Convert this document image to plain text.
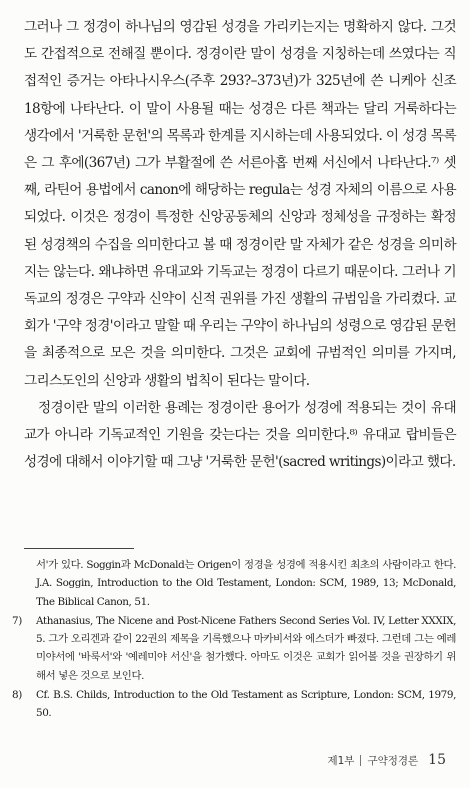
그러나 그 정경이 하나님의 영감된 성경을 가리키는지는 명확하지 않다. 그것도 간접적으로 전해질 뿐이다. 정경이란 말이 성경을 지칭하는데 쓰였다는 직접적인 증거는 아타나시우스(주후 293?–373년)가 325년에 쓴 니케아 신조 18항에 나타난다. 이 말이 사용될 때는 성경은 다른 책과는 달리 거룩하다는 생각에서 '거룩한 문헌'의 목록과 한계를 지시하는데 사용되었다. 이 성경 목록은 그 후에(367년) 그가 부활절에 쓴 서른아홉 번째 서신에서 나타난다.⁷⁾ 셋째, 라틴어 용법에서 canon에 해당하는 regula는 성경 자체의 이름으로 사용되었다. 이것은 정경이 특정한 신앙공동체의 신앙과 정체성을 규정하는 확정된 성경책의 수집을 의미한다고 볼 때 정경이란 말 자체가 같은 성경을 의미하지는 않는다. 왜냐하면 유대교와 기독교는 정경이 다르기 때문이다. 그러나 기독교의 정경은 구약과 신약이 신적 권위를 가진 생활의 규범임을 가리켰다. 교회가 '구약 정경'이라고 말할 때 우리는 구약이 하나님의 성령으로 영감된 문헌을 최종적으로 모은 것을 의미한다. 그것은 교회에 규범적인 의미를 가지며, 그리스도인의 신앙과 생활의 법칙이 된다는 말이다.

정경이란 말의 이러한 용례는 정경이란 용어가 성경에 적용되는 것이 유대교가 아니라 기독교적인 기원을 갖는다는 것을 의미한다.⁸⁾ 유대교 랍비들은 성경에 대해서 이야기할 때 그냥 '거룩한 문헌'(sacred writings)이라고 했다.

서'가 있다. Soggin과 McDonald는 Origen이 정경을 성경에 적용시킨 최초의 사람이라고 한다. J.A. Soggin, Introduction to the Old Testament, London: SCM, 1989, 13; McDonald, The Biblical Canon, 51.

7) Athanasius, The Nicene and Post-Nicene Fathers Second Series Vol. IV, Letter XXXIX, 5. 그가 오리겐과 같이 22권의 제목을 기록했으나 마카비서와 에스더가 빠졌다. 그런데 그는 예레미야서에 '바룩서'와 '예레미야 서신'을 첨가했다. 아마도 이것은 교회가 읽어볼 것을 권장하기 위해서 넣은 것으로 보인다.

8) Cf. B.S. Childs, Introduction to the Old Testament as Scripture, London: SCM, 1979, 50.

제1부 구약정경론 15
